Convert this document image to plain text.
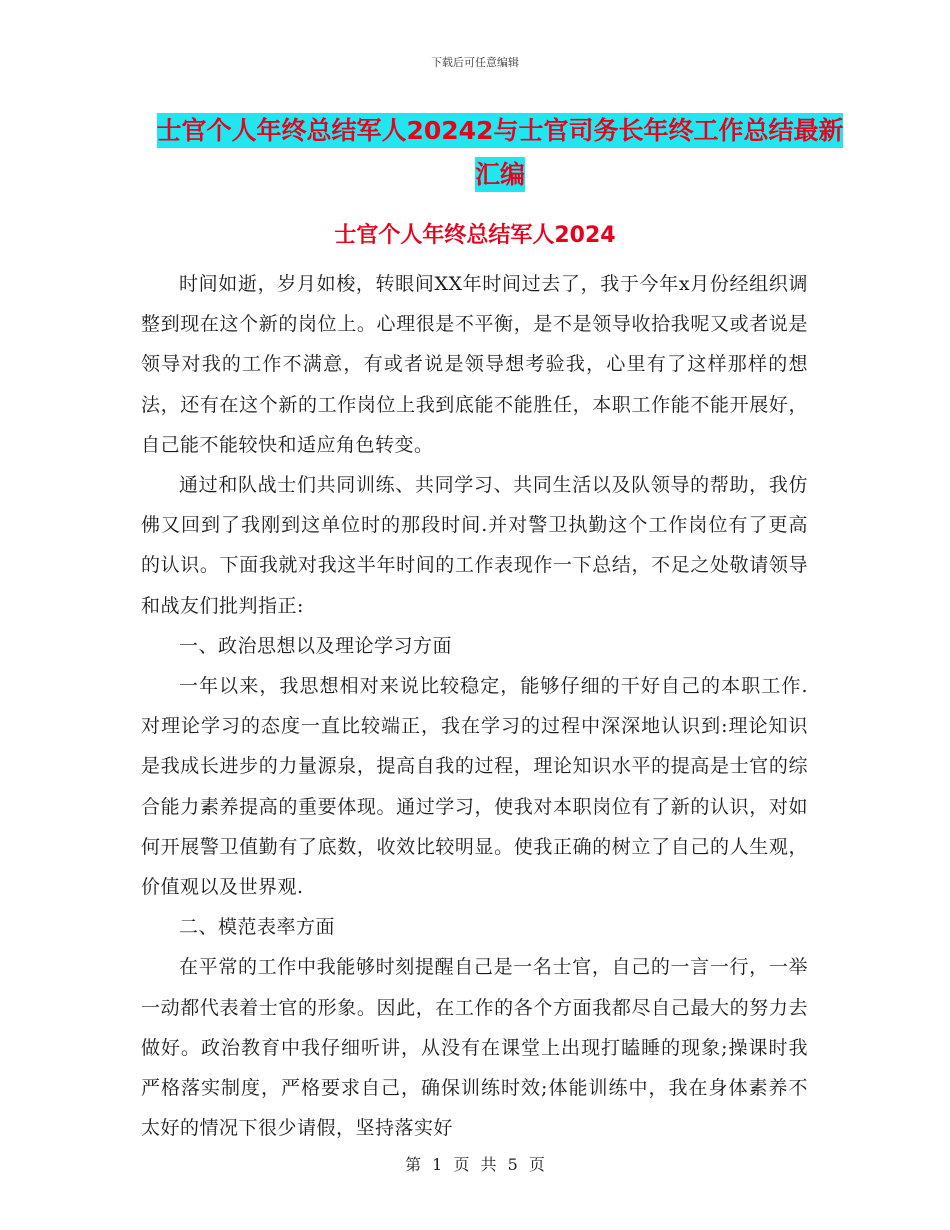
下载后可任意编辑
士官个人年终总结军人20242与士官司务长年终工作总结最新汇编
士官个人年终总结军人2024

时间如逝，岁月如梭，转眼间XX年时间过去了，我于今年x月份经组织调整到现在这个新的岗位上。心理很是不平衡，是不是领导收拾我呢又或者说是领导对我的工作不满意，有或者说是领导想考验我，心里有了这样那样的想法，还有在这个新的工作岗位上我到底能不能胜任，本职工作能不能开展好，自己能不能较快和适应角色转变。

通过和队战士们共同训练、共同学习、共同生活以及队领导的帮助，我仿佛又回到了我刚到这单位时的那段时间.并对警卫执勤这个工作岗位有了更高的认识。下面我就对我这半年时间的工作表现作一下总结，不足之处敬请领导和战友们批判指正:

一、政治思想以及理论学习方面

一年以来，我思想相对来说比较稳定，能够仔细的干好自己的本职工作.对理论学习的态度一直比较端正，我在学习的过程中深深地认识到:理论知识是我成长进步的力量源泉，提高自我的过程，理论知识水平的提高是士官的综合能力素养提高的重要体现。通过学习，使我对本职岗位有了新的认识，对如何开展警卫值勤有了底数，收效比较明显。使我正确的树立了自己的人生观，价值观以及世界观.

二、模范表率方面

在平常的工作中我能够时刻提醒自己是一名士官，自己的一言一行，一举一动都代表着士官的形象。因此，在工作的各个方面我都尽自己最大的努力去做好。政治教育中我仔细听讲，从没有在课堂上出现打瞌睡的现象;操课时我严格落实制度，严格要求自己，确保训练时效;体能训练中，我在身体素养不太好的情况下很少请假，坚持落实好

第 1 页 共 5 页
